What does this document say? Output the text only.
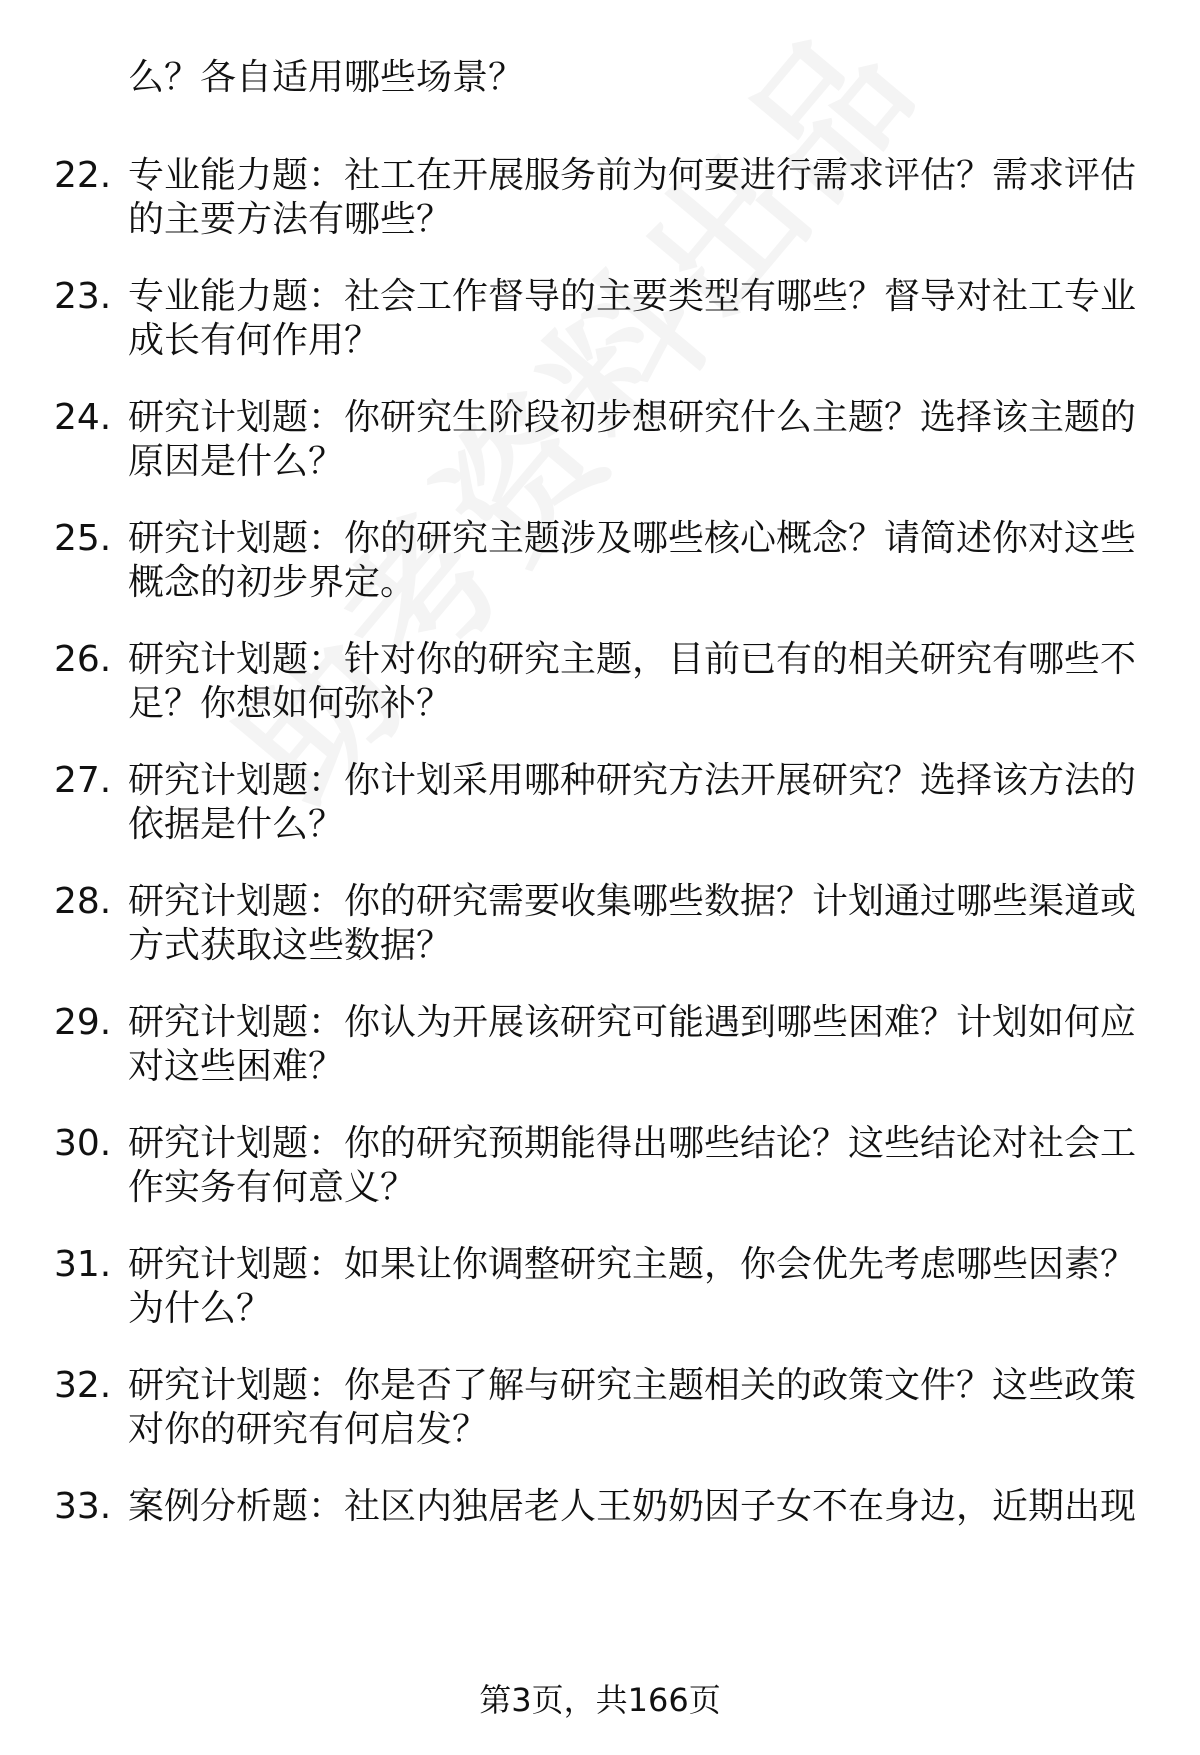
么？各自适用哪些场景？
22. 专业能力题：社工在开展服务前为何要进行需求评估？需求评估
的主要方法有哪些？
23. 专业能力题：社会工作督导的主要类型有哪些？督导对社工专业
成长有何作用？
24. 研究计划题：你研究生阶段初步想研究什么主题？选择该主题的
原因是什么？
25. 研究计划题：你的研究主题涉及哪些核心概念？请简述你对这些
概念的初步界定。
26. 研究计划题：针对你的研究主题，目前已有的相关研究有哪些不
足？你想如何弥补？
27. 研究计划题：你计划采用哪种研究方法开展研究？选择该方法的
依据是什么？
28. 研究计划题：你的研究需要收集哪些数据？计划通过哪些渠道或
方式获取这些数据？
29. 研究计划题：你认为开展该研究可能遇到哪些困难？计划如何应
对这些困难？
30. 研究计划题：你的研究预期能得出哪些结论？这些结论对社会工
作实务有何意义？
31. 研究计划题：如果让你调整研究主题，你会优先考虑哪些因素？
为什么？
32. 研究计划题：你是否了解与研究主题相关的政策文件？这些政策
对你的研究有何启发？
33. 案例分析题：社区内独居老人王奶奶因子女不在身边，近期出现
第3页，共166页
